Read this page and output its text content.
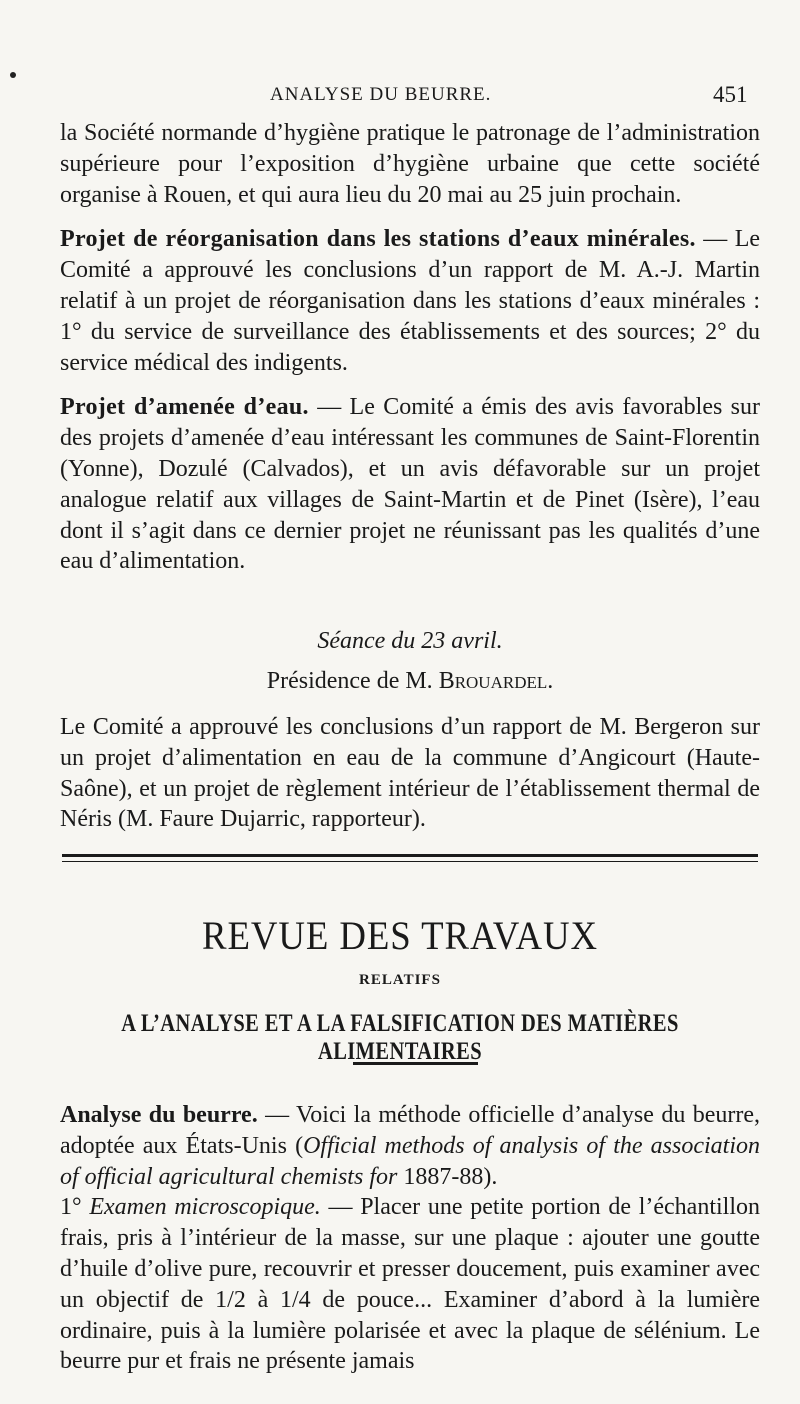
ANALYSE DU BEURRE.	451

la Société normande d’hygiène pratique le patronage de l’administration supérieure pour l’exposition d’hygiène urbaine que cette société organise à Rouen, et qui aura lieu du 20 mai au 25 juin prochain.

Projet de réorganisation dans les stations d’eaux minérales. — Le Comité a approuvé les conclusions d’un rapport de M. A.-J. Martin relatif à un projet de réorganisation dans les stations d’eaux minérales : 1° du service de surveillance des établissements et des sources; 2° du service médical des indigents.

Projet d’amenée d’eau. — Le Comité a émis des avis favorables sur des projets d’amenée d’eau intéressant les communes de Saint-Florentin (Yonne), Dozulé (Calvados), et un avis défavorable sur un projet analogue relatif aux villages de Saint-Martin et de Pinet (Isère), l’eau dont il s’agit dans ce dernier projet ne réunissant pas les qualités d’une eau d’alimentation.

Séance du 23 avril.
Présidence de M. Brouardel.

Le Comité a approuvé les conclusions d’un rapport de M. Bergeron sur un projet d’alimentation en eau de la commune d’Angicourt (Haute-Saône), et un projet de règlement intérieur de l’établissement thermal de Néris (M. Faure Dujarric, rapporteur).

REVUE DES TRAVAUX
RELATIFS
A L’ANALYSE ET A LA FALSIFICATION DES MATIÈRES ALIMENTAIRES

Analyse du beurre. — Voici la méthode officielle d’analyse du beurre, adoptée aux États-Unis (Official methods of analysis of the association of official agricultural chemists for 1887-88).

1° Examen microscopique. — Placer une petite portion de l’échantillon frais, pris à l’intérieur de la masse, sur une plaque : ajouter une goutte d’huile d’olive pure, recouvrir et presser doucement, puis examiner avec un objectif de 1/2 à 1/4 de pouce... Examiner d’abord à la lumière ordinaire, puis à la lumière polarisée et avec la plaque de sélénium. Le beurre pur et frais ne présente jamais
